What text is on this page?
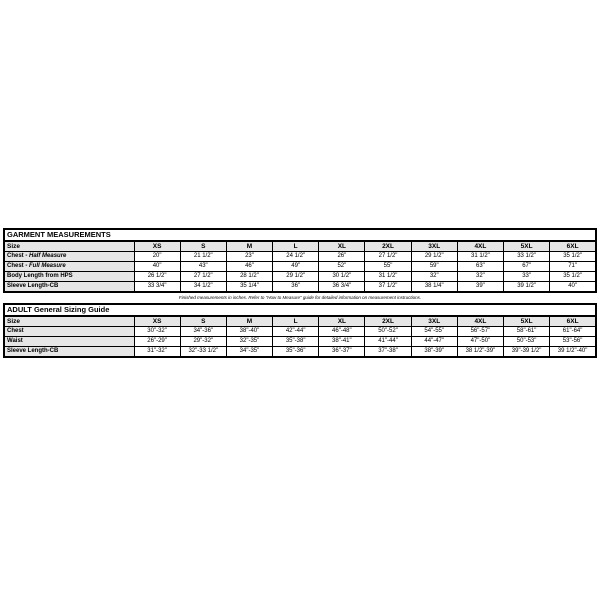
GARMENT MEASUREMENTS										
Size	XS	S	M	L	XL	2XL	3XL	4XL	5XL	6XL
Chest - Half Measure	20"	21 1/2"	23"	24 1/2"	26"	27 1/2"	29 1/2"	31 1/2"	33 1/2"	35 1/2"
Chest - Full Measure	40"	43"	46"	49"	52"	55"	59"	63"	67"	71"
Body Length from HPS	26 1/2"	27 1/2"	28 1/2"	29 1/2"	30 1/2"	31 1/2"	32"	32"	33"	35 1/2"
Sleeve Length-CB	33 3/4"	34 1/2"	35 1/4"	36"	36 3/4"	37 1/2"	38 1/4"	39"	39 1/2"	40"
Finished measurements in inches. Refer to "How to Measure" guide for detailed information on measurement instructions.
ADULT General Sizing Guide										
Size	XS	S	M	L	XL	2XL	3XL	4XL	5XL	6XL
Chest	30"-32"	34"-36"	38"-40"	42"-44"	46"-48"	50"-52"	54"-55"	56"-57"	58"-61"	61"-64"
Waist	26"-29"	29"-32"	32"-35"	35"-38"	38"-41"	41"-44"	44"-47"	47"-50"	50"-53"	53"-56"
Sleeve Length-CB	31"-32"	32"-33 1/2"	34"-35"	35"-36"	36"-37"	37"-38"	38"-39"	38 1/2"-39"	39"-39 1/2"	39 1/2"-40"
